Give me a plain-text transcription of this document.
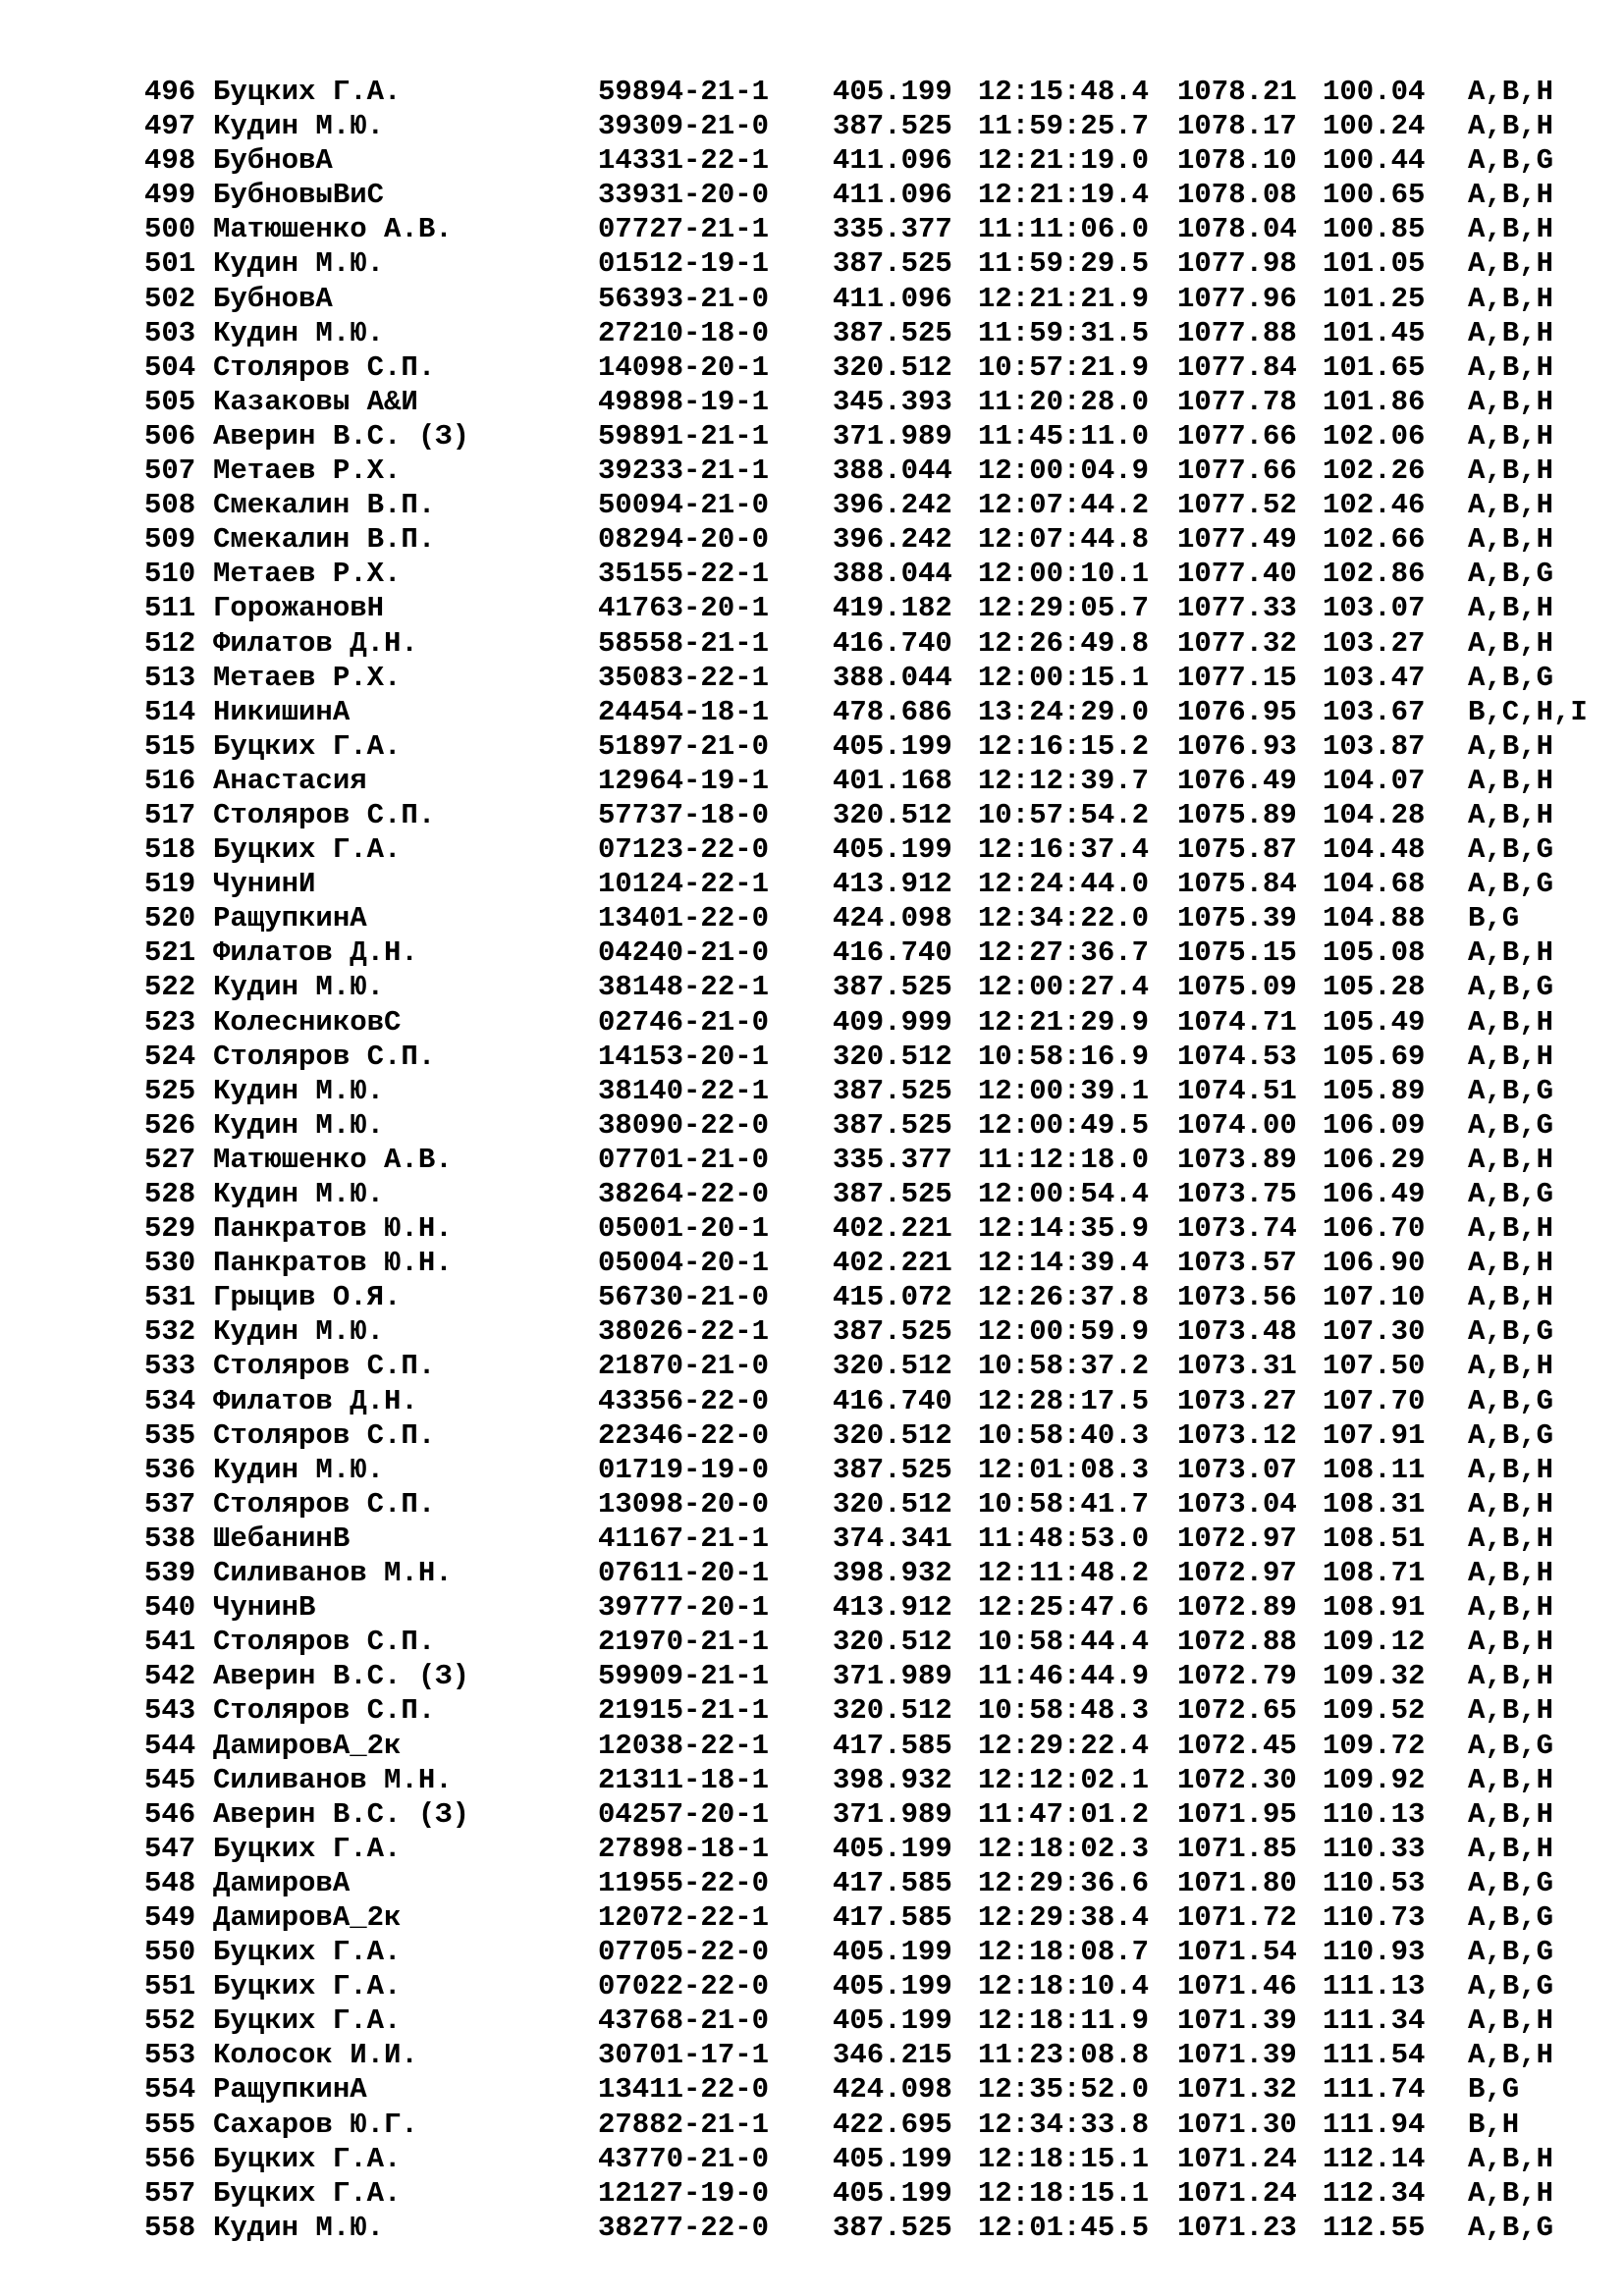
496 Буцких Г.А.	59894-21-1 405.199 12:15:48.4 1078.21 100.04 A,B,H
497 Кудин М.Ю.	39309-21-0 387.525 11:59:25.7 1078.17 100.24 A,B,H
498 БубновА	14331-22-1 411.096 12:21:19.0 1078.10 100.44 A,B,G
499 БубновыВиС	33931-20-0 411.096 12:21:19.4 1078.08 100.65 A,B,H
500 Матюшенко А.В.	07727-21-1 335.377 11:11:06.0 1078.04 100.85 A,B,H
501 Кудин М.Ю.	01512-19-1 387.525 11:59:29.5 1077.98 101.05 A,B,H
502 БубновА	56393-21-0 411.096 12:21:21.9 1077.96 101.25 A,B,H
503 Кудин М.Ю.	27210-18-0 387.525 11:59:31.5 1077.88 101.45 A,B,H
504 Столяров С.П.	14098-20-1 320.512 10:57:21.9 1077.84 101.65 A,B,H
505 Казаковы А&И	49898-19-1 345.393 11:20:28.0 1077.78 101.86 A,B,H
506 Аверин В.С. (З)	59891-21-1 371.989 11:45:11.0 1077.66 102.06 A,B,H
507 Метаев Р.Х.	39233-21-1 388.044 12:00:04.9 1077.66 102.26 A,B,H
508 Смекалин В.П.	50094-21-0 396.242 12:07:44.2 1077.52 102.46 A,B,H
509 Смекалин В.П.	08294-20-0 396.242 12:07:44.8 1077.49 102.66 A,B,H
510 Метаев Р.Х.	35155-22-1 388.044 12:00:10.1 1077.40 102.86 A,B,G
511 ГорожановН	41763-20-1 419.182 12:29:05.7 1077.33 103.07 A,B,H
512 Филатов Д.Н.	58558-21-1 416.740 12:26:49.8 1077.32 103.27 A,B,H
513 Метаев Р.Х.	35083-22-1 388.044 12:00:15.1 1077.15 103.47 A,B,G
514 НикишинА	24454-18-1 478.686 13:24:29.0 1076.95 103.67 B,C,H,I
515 Буцких Г.А.	51897-21-0 405.199 12:16:15.2 1076.93 103.87 A,B,H
516 Анастасия	12964-19-1 401.168 12:12:39.7 1076.49 104.07 A,B,H
517 Столяров С.П.	57737-18-0 320.512 10:57:54.2 1075.89 104.28 A,B,H
518 Буцких Г.А.	07123-22-0 405.199 12:16:37.4 1075.87 104.48 A,B,G
519 ЧунинИ	10124-22-1 413.912 12:24:44.0 1075.84 104.68 A,B,G
520 РащупкинА	13401-22-0 424.098 12:34:22.0 1075.39 104.88 B,G
521 Филатов Д.Н.	04240-21-0 416.740 12:27:36.7 1075.15 105.08 A,B,H
522 Кудин М.Ю.	38148-22-1 387.525 12:00:27.4 1075.09 105.28 A,B,G
523 КолесниковС	02746-21-0 409.999 12:21:29.9 1074.71 105.49 A,B,H
524 Столяров С.П.	14153-20-1 320.512 10:58:16.9 1074.53 105.69 A,B,H
525 Кудин М.Ю.	38140-22-1 387.525 12:00:39.1 1074.51 105.89 A,B,G
526 Кудин М.Ю.	38090-22-0 387.525 12:00:49.5 1074.00 106.09 A,B,G
527 Матюшенко А.В.	07701-21-0 335.377 11:12:18.0 1073.89 106.29 A,B,H
528 Кудин М.Ю.	38264-22-0 387.525 12:00:54.4 1073.75 106.49 A,B,G
529 Панкратов Ю.Н.	05001-20-1 402.221 12:14:35.9 1073.74 106.70 A,B,H
530 Панкратов Ю.Н.	05004-20-1 402.221 12:14:39.4 1073.57 106.90 A,B,H
531 Грыцив О.Я.	56730-21-0 415.072 12:26:37.8 1073.56 107.10 A,B,H
532 Кудин М.Ю.	38026-22-1 387.525 12:00:59.9 1073.48 107.30 A,B,G
533 Столяров С.П.	21870-21-0 320.512 10:58:37.2 1073.31 107.50 A,B,H
534 Филатов Д.Н.	43356-22-0 416.740 12:28:17.5 1073.27 107.70 A,B,G
535 Столяров С.П.	22346-22-0 320.512 10:58:40.3 1073.12 107.91 A,B,G
536 Кудин М.Ю.	01719-19-0 387.525 12:01:08.3 1073.07 108.11 A,B,H
537 Столяров С.П.	13098-20-0 320.512 10:58:41.7 1073.04 108.31 A,B,H
538 ШебанинВ	41167-21-1 374.341 11:48:53.0 1072.97 108.51 A,B,H
539 Силиванов М.Н.	07611-20-1 398.932 12:11:48.2 1072.97 108.71 A,B,H
540 ЧунинВ	39777-20-1 413.912 12:25:47.6 1072.89 108.91 A,B,H
541 Столяров С.П.	21970-21-1 320.512 10:58:44.4 1072.88 109.12 A,B,H
542 Аверин В.С. (З)	59909-21-1 371.989 11:46:44.9 1072.79 109.32 A,B,H
543 Столяров С.П.	21915-21-1 320.512 10:58:48.3 1072.65 109.52 A,B,H
544 ДамировА_2к	12038-22-1 417.585 12:29:22.4 1072.45 109.72 A,B,G
545 Силиванов М.Н.	21311-18-1 398.932 12:12:02.1 1072.30 109.92 A,B,H
546 Аверин В.С. (З)	04257-20-1 371.989 11:47:01.2 1071.95 110.13 A,B,H
547 Буцких Г.А.	27898-18-1 405.199 12:18:02.3 1071.85 110.33 A,B,H
548 ДамировА	11955-22-0 417.585 12:29:36.6 1071.80 110.53 A,B,G
549 ДамировА_2к	12072-22-1 417.585 12:29:38.4 1071.72 110.73 A,B,G
550 Буцких Г.А.	07705-22-0 405.199 12:18:08.7 1071.54 110.93 A,B,G
551 Буцких Г.А.	07022-22-0 405.199 12:18:10.4 1071.46 111.13 A,B,G
552 Буцких Г.А.	43768-21-0 405.199 12:18:11.9 1071.39 111.34 A,B,H
553 Колосок И.И.	30701-17-1 346.215 11:23:08.8 1071.39 111.54 A,B,H
554 РащупкинА	13411-22-0 424.098 12:35:52.0 1071.32 111.74 B,G
555 Сахаров Ю.Г.	27882-21-1 422.695 12:34:33.8 1071.30 111.94 B,H
556 Буцких Г.А.	43770-21-0 405.199 12:18:15.1 1071.24 112.14 A,B,H
557 Буцких Г.А.	12127-19-0 405.199 12:18:15.1 1071.24 112.34 A,B,H
558 Кудин М.Ю.	38277-22-0 387.525 12:01:45.5 1071.23 112.55 A,B,G
